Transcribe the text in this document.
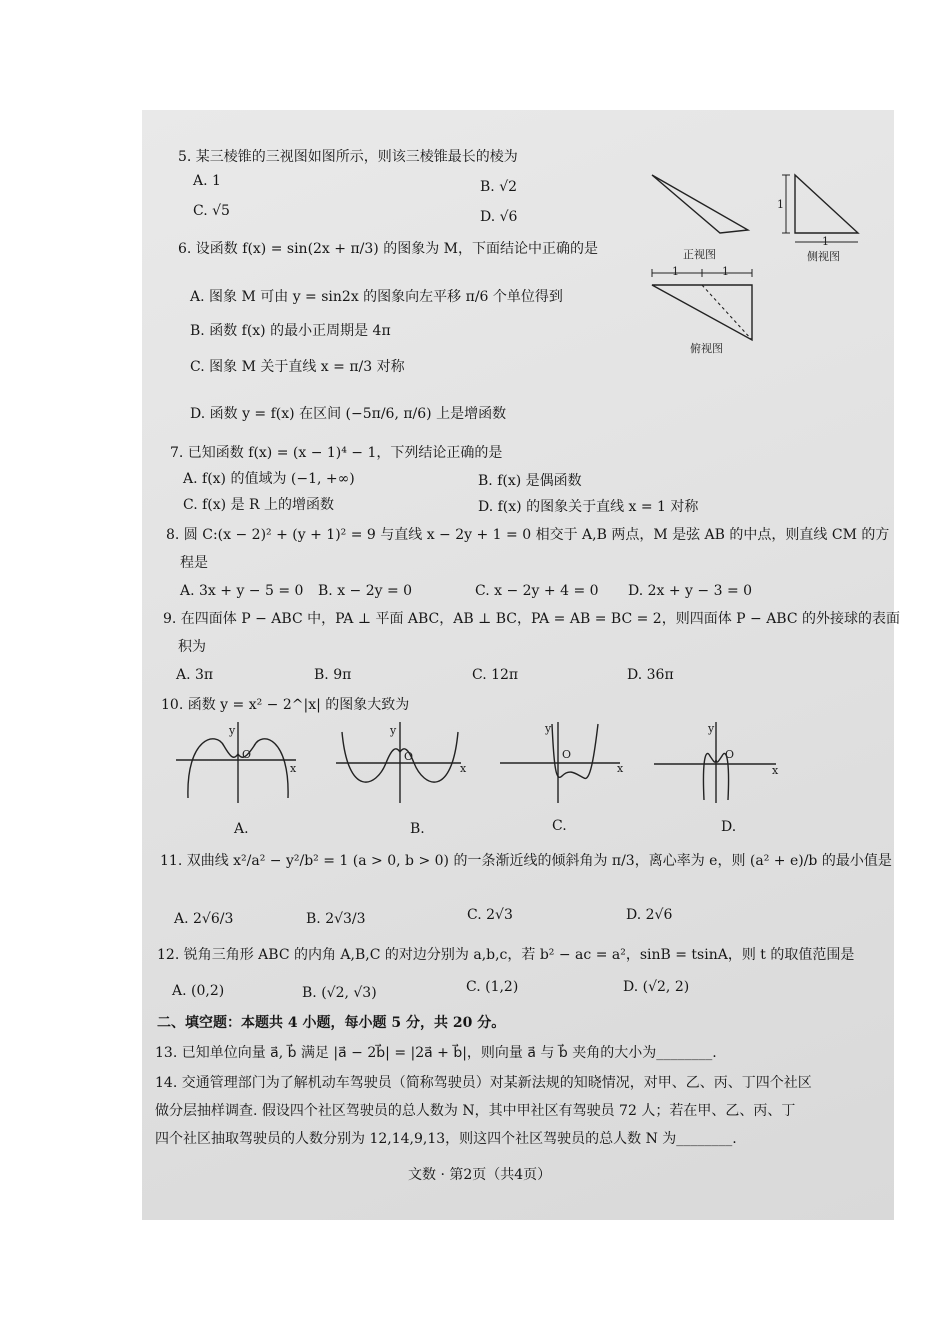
5. 某三棱锥的三视图如图所示，则该三棱锥最长的棱为
A. 1	B. √2
C. √5	D. √6
正视图	侧视图
俯视图
1
1
1	1
6. 设函数 f(x) = sin(2x + π/3) 的图象为 M，下面结论中正确的是
A. 图象 M 可由 y = sin2x 的图象向左平移 π/6 个单位得到
B. 函数 f(x) 的最小正周期是 4π
C. 图象 M 关于直线 x = π/3 对称
D. 函数 y = f(x) 在区间 (−5π/6, π/6) 上是增函数
7. 已知函数 f(x) = (x − 1)⁴ − 1，下列结论正确的是
A. f(x) 的值域为 (−1, +∞)	B. f(x) 是偶函数
C. f(x) 是 R 上的增函数	D. f(x) 的图象关于直线 x = 1 对称
8. 圆 C:(x − 2)² + (y + 1)² = 9 与直线 x − 2y + 1 = 0 相交于 A,B 两点，M 是弦 AB 的中点，则直线 CM 的方
程是
A. 3x + y − 5 = 0 B. x − 2y = 0	C. x − 2y + 4 = 0 D. 2x + y − 3 = 0
9. 在四面体 P − ABC 中，PA ⊥ 平面 ABC，AB ⊥ BC，PA = AB = BC = 2，则四面体 P − ABC 的外接球的表面
积为
A. 3π	B. 9π	C. 12π	D. 36π
10. 函数 y = x² − 2^|x| 的图象大致为
y
x
O
A.
y
x
O
B.
y
x
O
C.
y
x
O
D.
11. 双曲线 x²/a² − y²/b² = 1 (a > 0, b > 0) 的一条渐近线的倾斜角为 π/3，离心率为 e，则 (a² + e)/b 的最小值是
A. 2√6/3	B. 2√3/3	C. 2√3	D. 2√6
12. 锐角三角形 ABC 的内角 A,B,C 的对边分别为 a,b,c，若 b² − ac = a²，sinB = tsinA，则 t 的取值范围是
A. (0,2)	B. (√2, √3)	C. (1,2)	D. (√2, 2)
二、填空题：本题共 4 小题，每小题 5 分，共 20 分。
13. 已知单位向量 a⃗, b⃗ 满足 |a⃗ − 2b⃗| = |2a⃗ + b⃗|，则向量 a⃗ 与 b⃗ 夹角的大小为________.
14. 交通管理部门为了解机动车驾驶员（简称驾驶员）对某新法规的知晓情况，对甲、乙、丙、丁四个社区
做分层抽样调查. 假设四个社区驾驶员的总人数为 N，其中甲社区有驾驶员 72 人；若在甲、乙、丙、丁
四个社区抽取驾驶员的人数分别为 12,14,9,13，则这四个社区驾驶员的总人数 N 为________.
文数 · 第2页（共4页）
